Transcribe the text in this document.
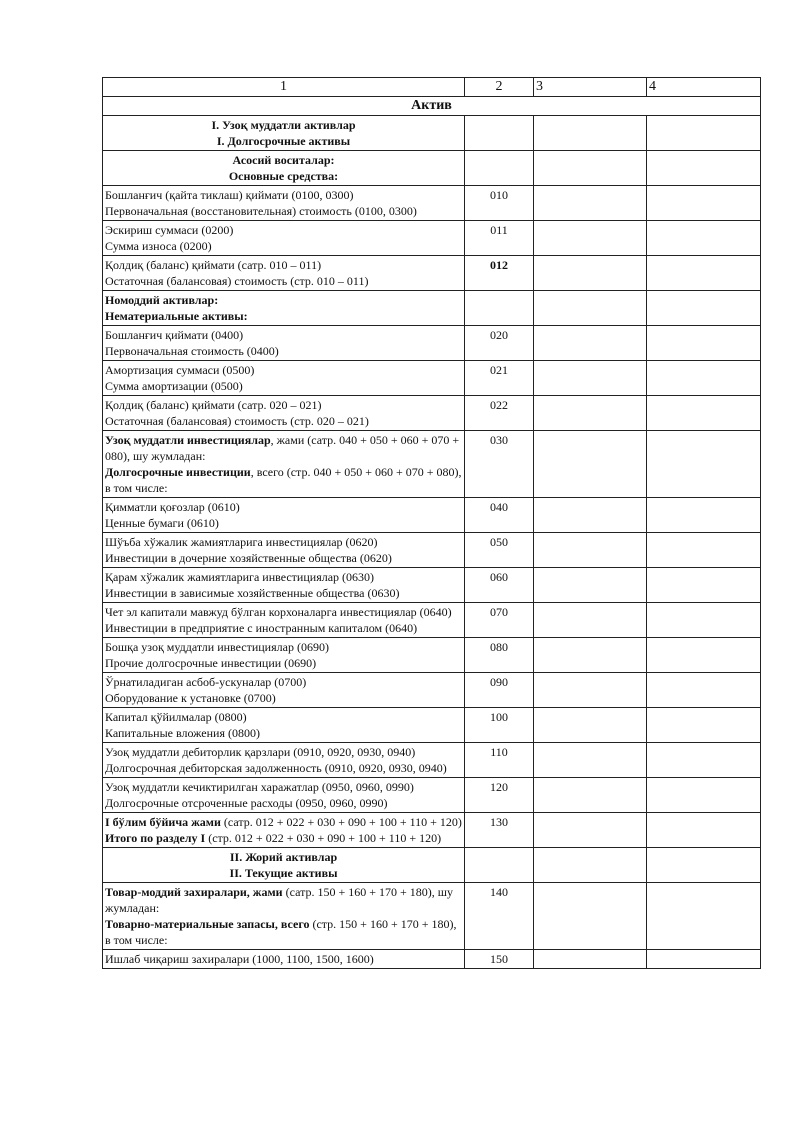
1	2	3	4
Актив			

I. Узоқ муддатли активлар
I. Долгосрочные активы			

Асосий воситалар:
Основные средства:			

Бошланғич (қайта тиклаш) қиймати (0100, 0300)
Первоначальная (восстановительная) стоимость (0100, 0300)	010		

Эскириш суммаси (0200)
Сумма износа (0200)	011		

Қолдиқ (баланс) қиймати (сатр. 010 – 011)
Остаточная (балансовая) стоимость (стр. 010 – 011)	012		

Номоддий активлар:
Нематериальные активы:			

Бошланғич қиймати (0400)
Первоначальная стоимость (0400)	020		

Амортизация суммаси (0500)
Сумма амортизации (0500)	021		

Қолдиқ (баланс) қиймати (сатр. 020 – 021)
Остаточная (балансовая) стоимость (стр. 020 – 021)	022		

Узоқ муддатли инвестициялар, жами (сатр. 040 + 050 + 060 + 070 + 080), шу жумладан:
Долгосрочные инвестиции, всего (стр. 040 + 050 + 060 + 070 + 080), в том числе:	030		

Қимматли қоғозлар (0610)
Ценные бумаги (0610)	040		

Шўъба хўжалик жамиятларига инвестициялар (0620)
Инвестиции в дочерние хозяйственные общества (0620)	050		

Қарам хўжалик жамиятларига инвестициялар (0630)
Инвестиции в зависимые хозяйственные общества (0630)	060		

Чет эл капитали мавжуд бўлган корхоналарга инвестициялар (0640)
Инвестиции в предприятие с иностранным капиталом (0640)	070		

Бошқа узоқ муддатли инвестициялар (0690)
Прочие долгосрочные инвестиции (0690)	080		

Ўрнатиладиган асбоб-ускуналар (0700)
Оборудование к установке (0700)	090		

Капитал қўйилмалар (0800)
Капитальные вложения (0800)	100		

Узоқ муддатли дебиторлик қарзлари (0910, 0920, 0930, 0940)
Долгосрочная дебиторская задолженность (0910, 0920, 0930, 0940)	110		

Узоқ муддатли кечиктирилган харажатлар (0950, 0960, 0990)
Долгосрочные отсроченные расходы (0950, 0960, 0990)	120		

I бўлим бўйича жами (сатр. 012 + 022 + 030 + 090 + 100 + 110 + 120)
Итого по разделу I (стр. 012 + 022 + 030 + 090 + 100 + 110 + 120)	130		

II. Жорий активлар
II. Текущие активы			

Товар-моддий захиралари, жами (сатр. 150 + 160 + 170 + 180), шу жумладан:
Товарно-материальные запасы, всего (стр. 150 + 160 + 170 + 180), в том числе:	140		

Ишлаб чиқариш захиралари (1000, 1100, 1500, 1600)	150		
